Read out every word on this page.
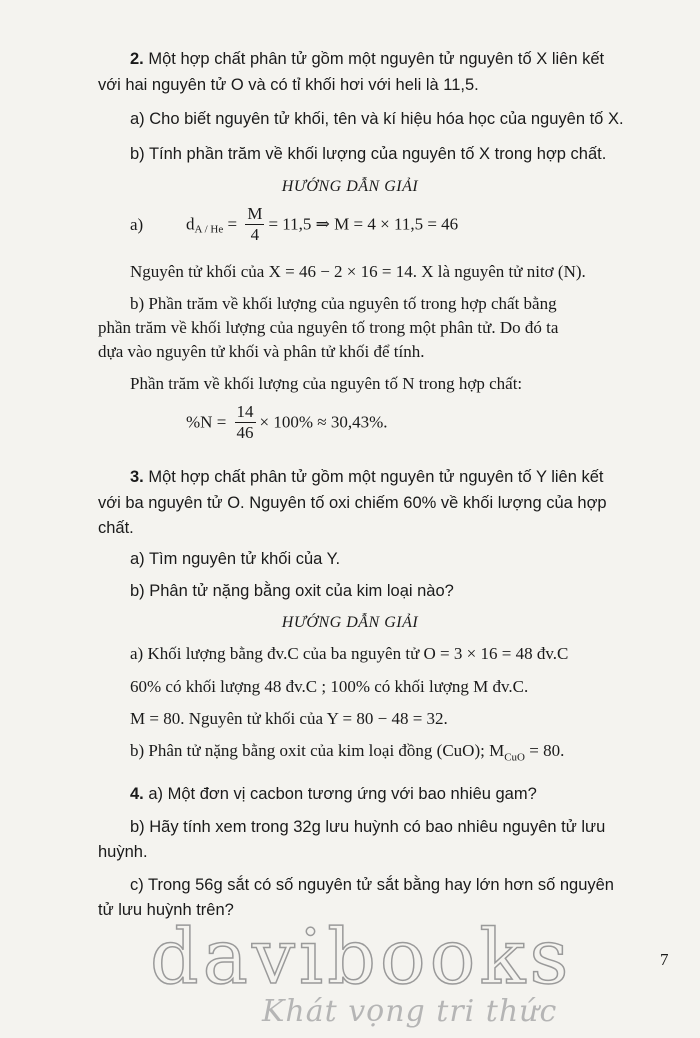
2. Một hợp chất phân tử gồm một nguyên tử nguyên tố X liên kết
với hai nguyên tử O và có tỉ khối hơi với heli là 11,5.
a) Cho biết nguyên tử khối, tên và kí hiệu hóa học của nguyên tố X.
b) Tính phần trăm về khối lượng của nguyên tố X trong hợp chất.
HƯỚNG DẪN GIẢI
a)	$d_{A / He} = \frac{M}{4} = 11,5$ ⇒ M = 4 × 11,5 = 46
Nguyên tử khối của X = 46 − 2 × 16 = 14. X là nguyên tử nitơ (N).
b) Phần trăm về khối lượng của nguyên tố trong hợp chất bằng
phần trăm về khối lượng của nguyên tố trong một phân tử. Do đó ta
dựa vào nguyên tử khối và phân tử khối để tính.
Phần trăm về khối lượng của nguyên tố N trong hợp chất:
$\%N = \frac{14}{46} \times 100\% \approx 30,43\%$.
3. Một hợp chất phân tử gồm một nguyên tử nguyên tố Y liên kết
với ba nguyên tử O. Nguyên tố oxi chiếm 60% về khối lượng của hợp
chất.
a) Tìm nguyên tử khối của Y.
b) Phân tử nặng bằng oxit của kim loại nào?
HƯỚNG DẪN GIẢI
a) Khối lượng bằng đv.C của ba nguyên tử O = 3 × 16 = 48 đv.C
60% có khối lượng 48 đv.C ; 100% có khối lượng M đv.C.
M = 80. Nguyên tử khối của Y = 80 − 48 = 32.
b) Phân tử nặng bằng oxit của kim loại đồng (CuO); $M_{CuO} = 80$.
4. a) Một đơn vị cacbon tương ứng với bao nhiêu gam?
b) Hãy tính xem trong 32g lưu huỳnh có bao nhiêu nguyên tử lưu
huỳnh.
c) Trong 56g sắt có số nguyên tử sắt bằng hay lớn hơn số nguyên
tử lưu huỳnh trên?
7
davibooks
Khát vọng tri thức
